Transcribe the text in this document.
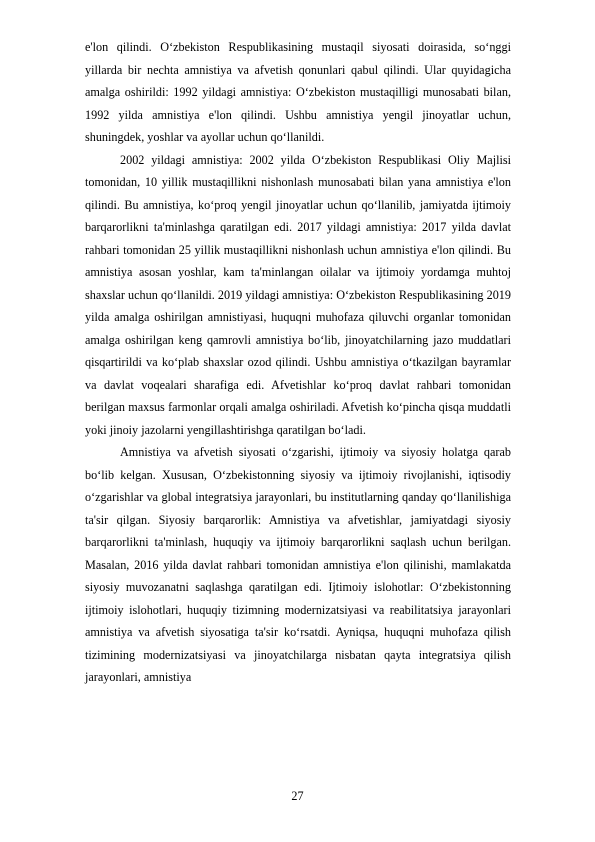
e'lon qilindi. O‘zbekiston Respublikasining mustaqil siyosati doirasida, so‘nggi yillarda bir nechta amnistiya va afvetish qonunlari qabul qilindi. Ular quyidagicha amalga oshirildi: 1992 yildagi amnistiya: O‘zbekiston mustaqilligi munosabati bilan, 1992 yilda amnistiya e'lon qilindi. Ushbu amnistiya yengil jinoyatlar uchun, shuningdek, yoshlar va ayollar uchun qo‘llanildi.

2002 yildagi amnistiya: 2002 yilda O‘zbekiston Respublikasi Oliy Majlisi tomonidan, 10 yillik mustaqillikni nishonlash munosabati bilan yana amnistiya e'lon qilindi. Bu amnistiya, ko‘proq yengil jinoyatlar uchun qo‘llanilib, jamiyatda ijtimoiy barqarorlikni ta'minlashga qaratilgan edi. 2017 yildagi amnistiya: 2017 yilda davlat rahbari tomonidan 25 yillik mustaqillikni nishonlash uchun amnistiya e'lon qilindi. Bu amnistiya asosan yoshlar, kam ta'minlangan oilalar va ijtimoiy yordamga muhtoj shaxslar uchun qo‘llanildi. 2019 yildagi amnistiya: O‘zbekiston Respublikasining 2019 yilda amalga oshirilgan amnistiyasi, huquqni muhofaza qiluvchi organlar tomonidan amalga oshirilgan keng qamrovli amnistiya bo‘lib, jinoyatchilarning jazo muddatlari qisqartirildi va ko‘plab shaxslar ozod qilindi. Ushbu amnistiya o‘tkazilgan bayramlar va davlat voqealari sharafiga edi. Afvetishlar ko‘proq davlat rahbari tomonidan berilgan maxsus farmonlar orqali amalga oshiriladi. Afvetish ko‘pincha qisqa muddatli yoki jinoiy jazolarni yengillashtirishga qaratilgan bo‘ladi.

Amnistiya va afvetish siyosati o‘zgarishi, ijtimoiy va siyosiy holatga qarab bo‘lib kelgan. Xususan, O‘zbekistonning siyosiy va ijtimoiy rivojlanishi, iqtisodiy o‘zgarishlar va global integratsiya jarayonlari, bu institutlarning qanday qo‘llanilishiga ta'sir qilgan. Siyosiy barqarorlik: Amnistiya va afvetishlar, jamiyatdagi siyosiy barqarorlikni ta'minlash, huquqiy va ijtimoiy barqarorlikni saqlash uchun berilgan. Masalan, 2016 yilda davlat rahbari tomonidan amnistiya e'lon qilinishi, mamlakatda siyosiy muvozanatni saqlashga qaratilgan edi. Ijtimoiy islohotlar: O‘zbekistonning ijtimoiy islohotlari, huquqiy tizimning modernizatsiyasi va reabilitatsiya jarayonlari amnistiya va afvetish siyosatiga ta'sir ko‘rsatdi. Ayniqsa, huquqni muhofaza qilish tizimining modernizatsiyasi va jinoyatchilarga nisbatan qayta integratsiya qilish jarayonlari, amnistiya

27
